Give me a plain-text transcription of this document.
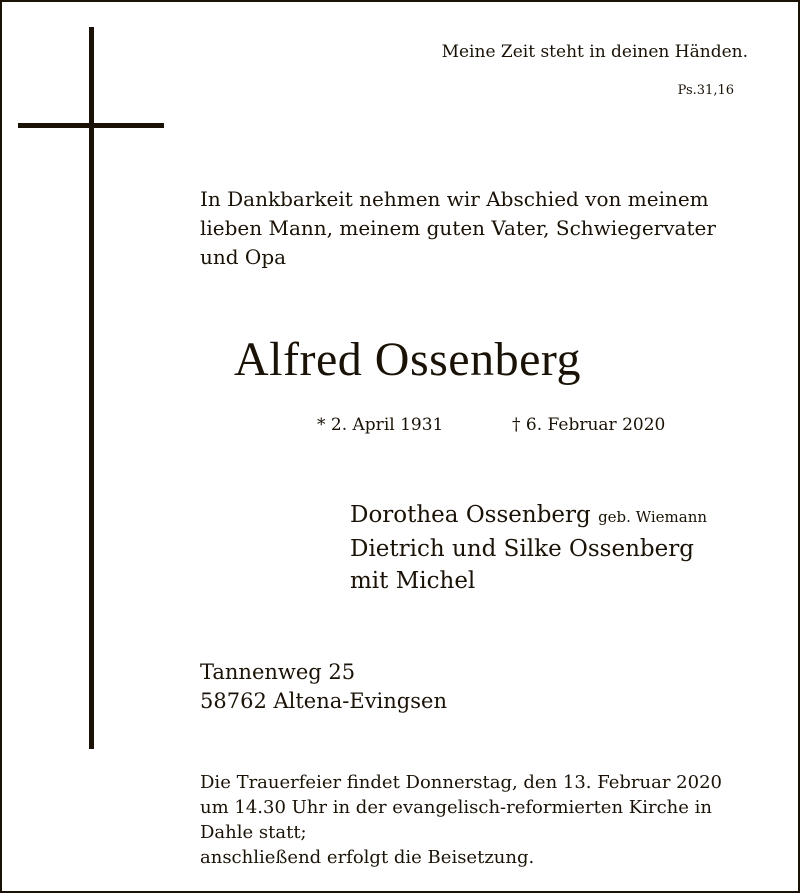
Meine Zeit steht in deinen Händen.
Ps.31,16
In Dankbarkeit nehmen wir Abschied von meinem
lieben Mann, meinem guten Vater, Schwiegervater
und Opa
Alfred Ossenberg
* 2. April 1931	† 6. Februar 2020
Dorothea Ossenberg geb. Wiemann
Dietrich und Silke Ossenberg
mit Michel
Tannenweg 25
58762 Altena-Evingsen
Die Trauerfeier findet Donnerstag, den 13. Februar 2020
um 14.30 Uhr in der evangelisch-reformierten Kirche in
Dahle statt;
anschließend erfolgt die Beisetzung.
